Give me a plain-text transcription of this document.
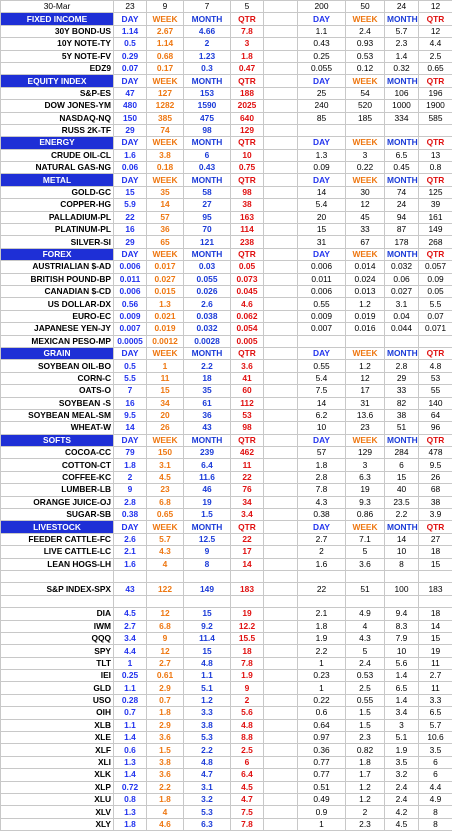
30-Mar	23	9	7	5		200	50	24	12
FIXED INCOME	DAY	WEEK	MONTH	QTR		DAY	WEEK	MONTH	QTR
30Y BOND-US	1.14	2.67	4.66	7.8		1.1	2.4	5.7	12
10Y NOTE-TY	0.5	1.14	2	3		0.43	0.93	2.3	4.4
5Y NOTE-FV	0.29	0.68	1.23	1.8		0.25	0.53	1.4	2.5
EDZ9	0.07	0.17	0.3	0.47		0.055	0.12	0.32	0.65
EQUITY INDEX	DAY	WEEK	MONTH	QTR		DAY	WEEK	MONTH	QTR
S&P-ES	47	127	153	188		25	54	106	196
DOW JONES-YM	480	1282	1590	2025		240	520	1000	1900
NASDAQ-NQ	150	385	475	640		85	185	334	585
RUSS 2K-TF	29	74	98	129					
ENERGY	DAY	WEEK	MONTH	QTR		DAY	WEEK	MONTH	QTR
CRUDE OIL-CL	1.6	3.8	6	10		1.3	3	6.5	13
NATURAL GAS-NG	0.06	0.18	0.43	0.75		0.09	0.22	0.45	0.8
METAL	DAY	WEEK	MONTH	QTR		DAY	WEEK	MONTH	QTR
GOLD-GC	15	35	58	98		14	30	74	125
COPPER-HG	5.9	14	27	38		5.4	12	24	39
PALLADIUM-PL	22	57	95	163		20	45	94	161
PLATINUM-PL	16	36	70	114		15	33	87	149
SILVER-SI	29	65	121	238		31	67	178	268
FOREX	DAY	WEEK	MONTH	QTR		DAY	WEEK	MONTH	QTR
AUSTRIALIAN $-AD	0.006	0.017	0.03	0.05		0.006	0.014	0.032	0.057
BRITISH POUND-BP	0.011	0.027	0.055	0.073		0.011	0.024	0.06	0.09
CANADIAN $-CD	0.006	0.015	0.026	0.045		0.006	0.013	0.027	0.05
US DOLLAR-DX	0.56	1.3	2.6	4.6		0.55	1.2	3.1	5.5
EURO-EC	0.009	0.021	0.038	0.062		0.009	0.019	0.04	0.07
JAPANESE YEN-JY	0.007	0.019	0.032	0.054		0.007	0.016	0.044	0.071
MEXICAN PESO-MP	0.0005	0.0012	0.0028	0.005					
GRAIN	DAY	WEEK	MONTH	QTR		DAY	WEEK	MONTH	QTR
SOYBEAN OIL-BO	0.5	1	2.2	3.6		0.55	1.2	2.8	4.8
CORN-C	5.5	11	18	41		5.4	12	29	53
OATS-O	7	15	35	60		7.5	17	33	55
SOYBEAN -S	16	34	61	112		14	31	82	140
SOYBEAN MEAL-SM	9.5	20	36	53		6.2	13.6	38	64
WHEAT-W	14	26	43	98		10	23	51	96
SOFTS	DAY	WEEK	MONTH	QTR		DAY	WEEK	MONTH	QTR
COCOA-CC	79	150	239	462		57	129	284	478
COTTON-CT	1.8	3.1	6.4	11		1.8	3	6	9.5
COFFEE-KC	2	4.5	11.6	22		2.8	6.3	15	26
LUMBER-LB	9	23	46	76		7.8	19	40	68
ORANGE JUICE-OJ	2.8	6.8	19	34		4.3	9.3	23.5	38
SUGAR-SB	0.38	0.65	1.5	3.4		0.38	0.86	2.2	3.9
LIVESTOCK	DAY	WEEK	MONTH	QTR		DAY	WEEK	MONTH	QTR
FEEDER CATTLE-FC	2.6	5.7	12.5	22		2.7	7.1	14	27
LIVE CATTLE-LC	2.1	4.3	9	17		2	5	10	18
LEAN HOGS-LH	1.6	4	8	14		1.6	3.6	8	15

S&P INDEX-SPX	43	122	149	183		22	51	100	183

DIA	4.5	12	15	19		2.1	4.9	9.4	18
IWM	2.7	6.8	9.2	12.2		1.8	4	8.3	14
QQQ	3.4	9	11.4	15.5		1.9	4.3	7.9	15
SPY	4.4	12	15	18		2.2	5	10	19
TLT	1	2.7	4.8	7.8		1	2.4	5.6	11
IEI	0.25	0.61	1.1	1.9		0.23	0.53	1.4	2.7
GLD	1.1	2.9	5.1	9		1	2.5	6.5	11
USO	0.28	0.7	1.2	2		0.22	0.55	1.4	3.3
OIH	0.7	1.8	3.3	5.6		0.6	1.5	3.4	6.5
XLB	1.1	2.9	3.8	4.8		0.64	1.5	3	5.7
XLE	1.4	3.6	5.3	8.8		0.97	2.3	5.1	10.6
XLF	0.6	1.5	2.2	2.5		0.36	0.82	1.9	3.5
XLI	1.3	3.8	4.8	6		0.77	1.8	3.5	6
XLK	1.4	3.6	4.7	6.4		0.77	1.7	3.2	6
XLP	0.72	2.2	3.1	4.5		0.51	1.2	2.4	4.4
XLU	0.8	1.8	3.2	4.7		0.49	1.2	2.4	4.9
XLV	1.3	4	5.3	7.5		0.9	2	4.2	8
XLY	1.8	4.6	6.3	7.8		1	2.3	4.5	8
